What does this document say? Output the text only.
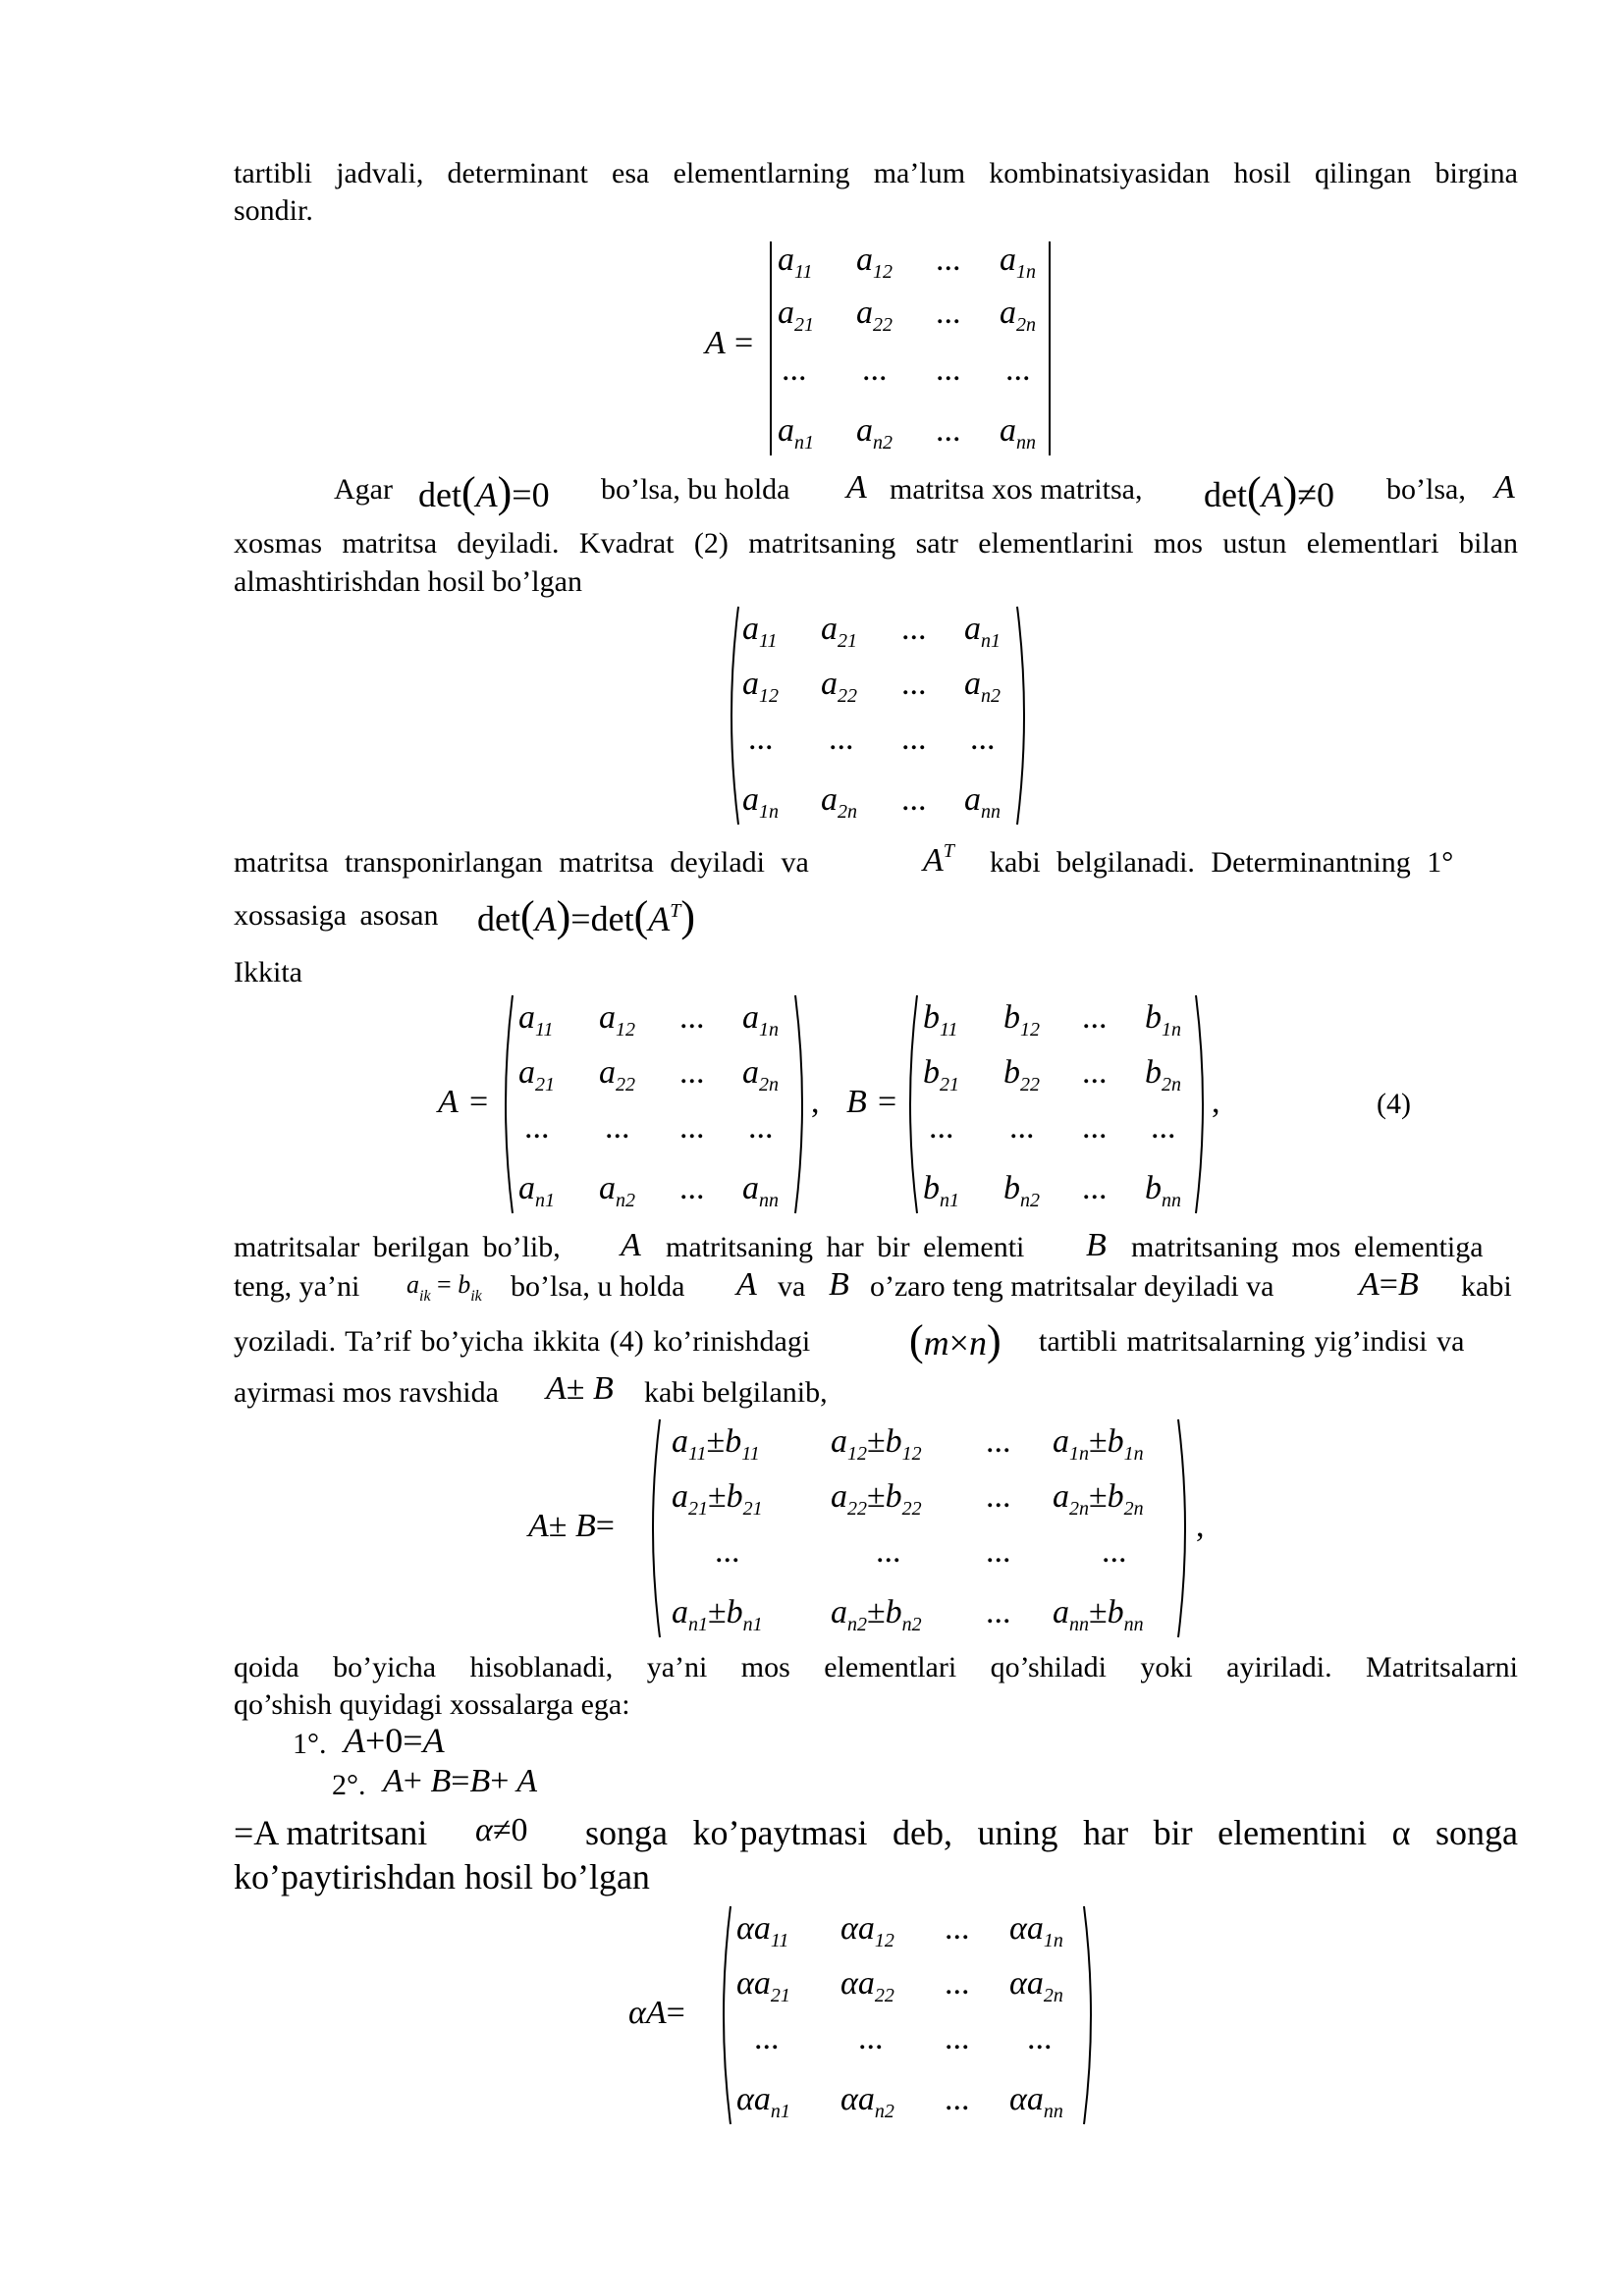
tartibli jadvali, determinant esa elementlarning ma’lum kombinatsiyasidan hosil qilingan birgina
sondir.
A =
$a_{11}$ $a_{12}$ ... $a_{1n}$
$a_{21}$ $a_{22}$ ... $a_{2n}$
... ... ... ...
$a_{n1}$ $a_{n2}$ ... $a_{nn}$
Agar det(A)=0 bo’lsa, bu holda A matritsa xos matritsa, det(A)≠0 bo’lsa, A
xosmas matritsa deyiladi. Kvadrat (2) matritsaning satr elementlarini mos ustun elementlari bilan
almashtirishdan hosil bo’lgan
$a_{11}$ $a_{21}$ ... $a_{n1}$
$a_{12}$ $a_{22}$ ... $a_{n2}$
... ... ... ...
$a_{1n}$ $a_{2n}$ ... $a_{nn}$
matritsa transponirlangan matritsa deyiladi va	$A^T$ kabi belgilanadi. Determinantning 1°
xossasiga asosan $\det(A)=\det(A^T)$
Ikkita
A =
$a_{11}$ $a_{12}$ ... $a_{1n}$
$a_{21}$ $a_{22}$ ... $a_{2n}$
... ... ... ...
$a_{n1}$ $a_{n2}$ ... $a_{nn}$
, B =
$b_{11}$ $b_{12}$ ... $b_{1n}$
$b_{21}$ $b_{22}$ ... $b_{2n}$
... ... ... ...
$b_{n1}$ $b_{n2}$ ... $b_{nn}$
,	(4)
matritsalar berilgan bo’lib, A matritsaning har bir elementi B matritsaning mos elementiga
teng, ya’ni $a_{ik} = b_{ik}$ bo’lsa, u holda A va B o’zaro teng matritsalar deyiladi va	A=B kabi
yoziladi. Ta’rif bo’yicha ikkita (4) ko’rinishdagi (m×n) tartibli matritsalarning yig’indisi va
ayirmasi mos ravshida A± B kabi belgilanib,
A± B=
$a_{11}\pm b_{11}$ $a_{12}\pm b_{12}$ ... $a_{1n}\pm b_{1n}$
$a_{21}\pm b_{21}$ $a_{22}\pm b_{22}$ ... $a_{2n}\pm b_{2n}$
...	...	...	...
$a_{n1}\pm b_{n1}$ $a_{n2}\pm b_{n2}$ ... $a_{nn}\pm b_{nn}$
,
qoida bo’yicha hisoblanadi, ya’ni mos elementlari qo’shiladi yoki ayiriladi. Matritsalarni
qo’shish quyidagi xossalarga ega:
1°. A+0=A
2°. A+ B=B+ A
=A matritsani α≠0 songa ko’paytmasi deb, uning har bir elementini α songa
ko’paytirishdan hosil bo’lgan
αA=
$\alpha a_{11}$ $\alpha a_{12}$ ... $\alpha a_{1n}$
$\alpha a_{21}$ $\alpha a_{22}$ ... $\alpha a_{2n}$
... ... ... ...
$\alpha a_{n1}$ $\alpha a_{n2}$ ... $\alpha a_{nn}$
